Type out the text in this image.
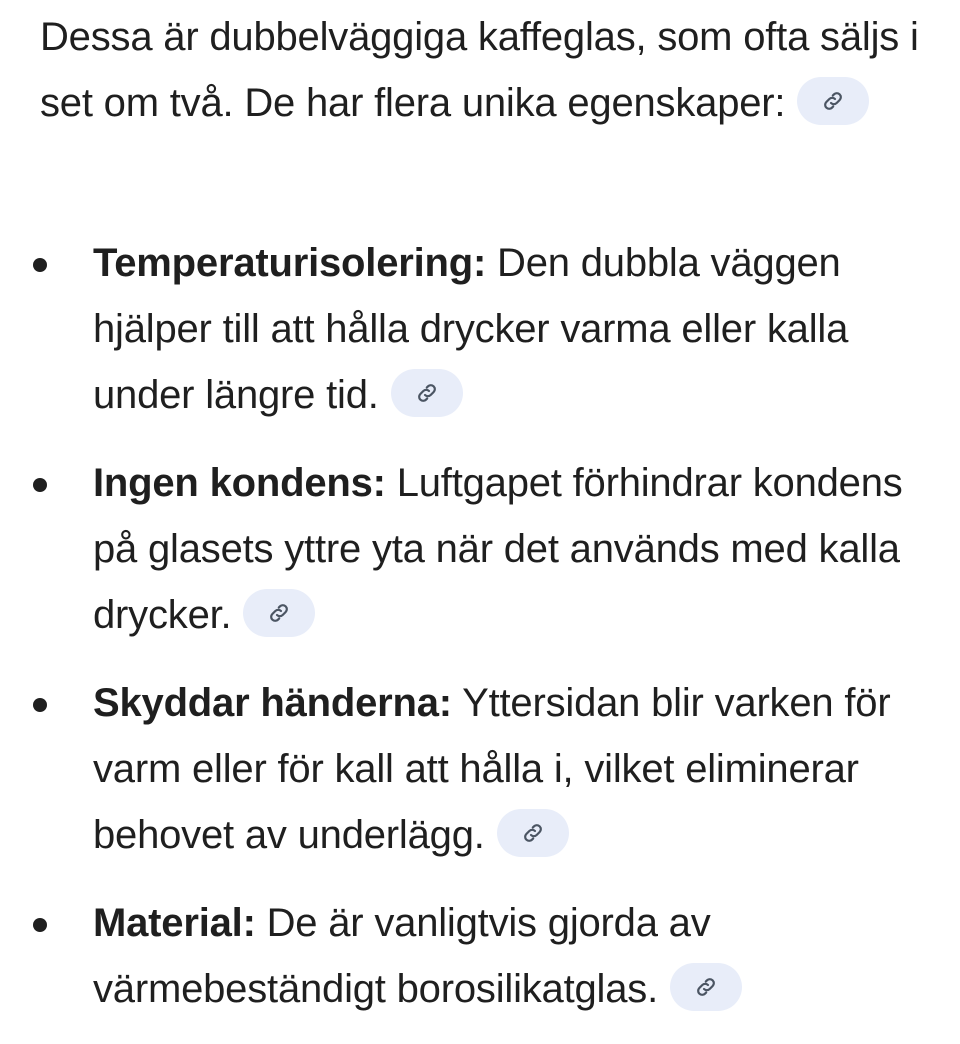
Dessa är dubbelväggiga kaffeglas, som ofta säljs i set om två. De har flera unika egenskaper:

Temperaturisolering: Den dubbla väggen hjälper till att hålla drycker varma eller kalla under längre tid.
Ingen kondens: Luftgapet förhindrar kondens på glasets yttre yta när det används med kalla drycker.
Skyddar händerna: Yttersidan blir varken för varm eller för kall att hålla i, vilket eliminerar behovet av underlägg.
Material: De är vanligtvis gjorda av värmebeständigt borosilikatglas.
